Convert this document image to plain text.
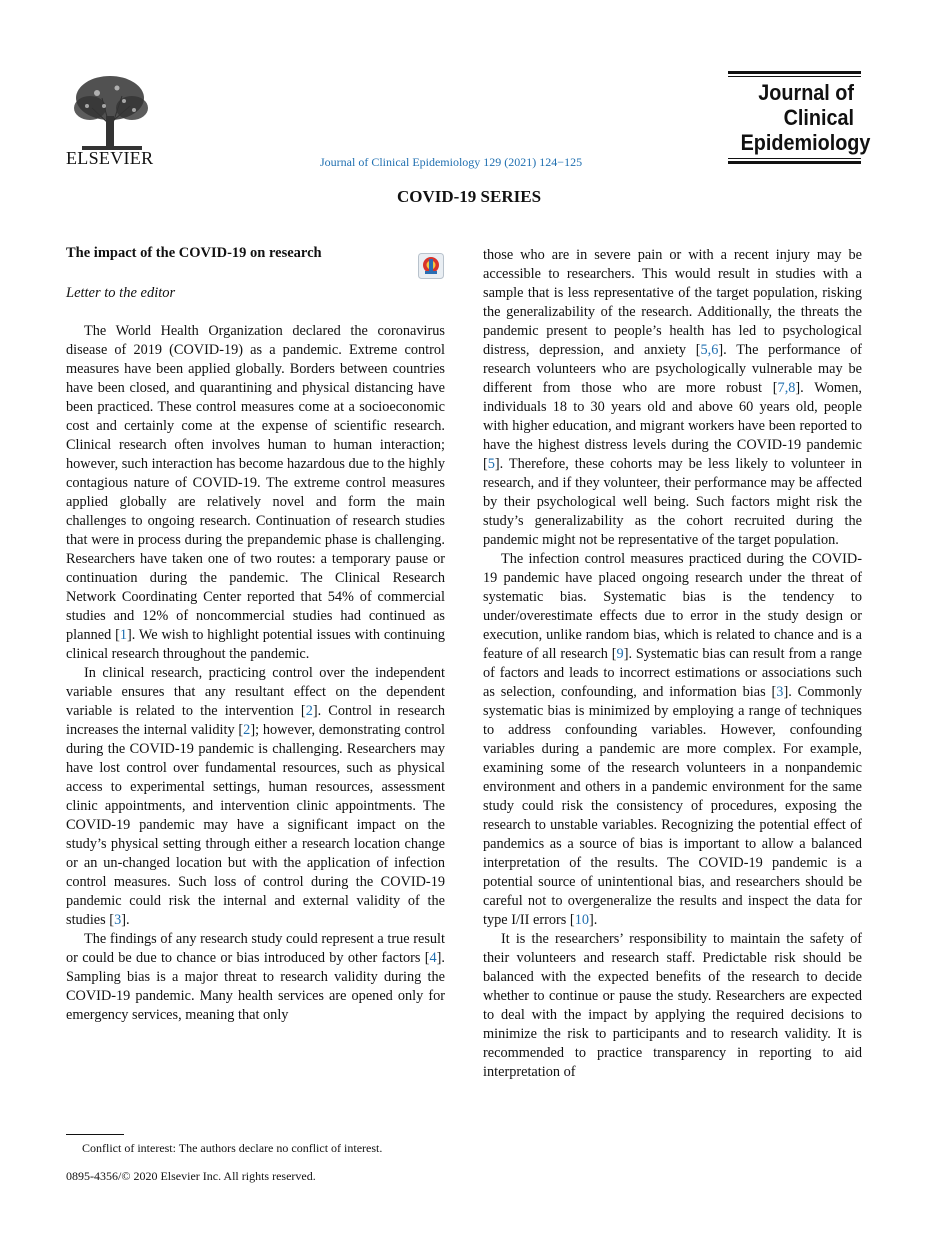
ELSEVIER	Journal of Clinical Epidemiology 129 (2021) 124−125
Journal of
Clinical
Epidemiology
COVID-19 SERIES
The impact of the COVID-19 on research
Letter to the editor

The World Health Organization declared the coronavirus disease of 2019 (COVID-19) as a pandemic. Extreme control measures have been applied globally. Borders between countries have been closed, and quarantining and physical distancing have been practiced. These control measures come at a socioeconomic cost and certainly come at the expense of scientific research. Clinical research often involves human to human interaction; however, such interaction has become hazardous due to the highly contagious nature of COVID-19. The extreme control measures applied globally are relatively novel and form the main challenges to ongoing research. Continuation of research studies that were in process during the prepandemic phase is challenging. Researchers have taken one of two routes: a temporary pause or continuation during the pandemic. The Clinical Research Network Coordinating Center reported that 54% of commercial studies and 12% of noncommercial studies had continued as planned [1]. We wish to highlight potential issues with continuing clinical research throughout the pandemic.

In clinical research, practicing control over the independent variable ensures that any resultant effect on the dependent variable is related to the intervention [2]. Control in research increases the internal validity [2]; however, demonstrating control during the COVID-19 pandemic is challenging. Researchers may have lost control over fundamental resources, such as physical access to experimental settings, human resources, assessment clinic appointments, and intervention clinic appointments. The COVID-19 pandemic may have a significant impact on the study’s physical setting through either a research location change or an un-changed location but with the application of infection control measures. Such loss of control during the COVID-19 pandemic could risk the internal and external validity of the studies [3].

The findings of any research study could represent a true result or could be due to chance or bias introduced by other factors [4]. Sampling bias is a major threat to research validity during the COVID-19 pandemic. Many health services are opened only for emergency services, meaning that only

those who are in severe pain or with a recent injury may be accessible to researchers. This would result in studies with a sample that is less representative of the target population, risking the generalizability of the research. Additionally, the threats the pandemic present to people’s health has led to psychological distress, depression, and anxiety [5,6]. The performance of research volunteers who are psychologically vulnerable may be different from those who are more robust [7,8]. Women, individuals 18 to 30 years old and above 60 years old, people with higher education, and migrant workers have been reported to have the highest distress levels during the COVID-19 pandemic [5]. Therefore, these cohorts may be less likely to volunteer in research, and if they volunteer, their performance may be affected by their psychological well being. Such factors might risk the study’s generalizability as the cohort recruited during the pandemic might not be representative of the target population.

The infection control measures practiced during the COVID-19 pandemic have placed ongoing research under the threat of systematic bias. Systematic bias is the tendency to under/overestimate effects due to error in the study design or execution, unlike random bias, which is related to chance and is a feature of all research [9]. Systematic bias can result from a range of factors and leads to incorrect estimations or associations such as selection, confounding, and information bias [3]. Commonly systematic bias is minimized by employing a range of techniques to address confounding variables. However, confounding variables during a pandemic are more complex. For example, examining some of the research volunteers in a nonpandemic environment and others in a pandemic environment for the same study could risk the consistency of procedures, exposing the research to unstable variables. Recognizing the potential effect of pandemics as a source of bias is important to allow a balanced interpretation of the results. The COVID-19 pandemic is a potential source of unintentional bias, and researchers should be careful not to overgeneralize the results and inspect the data for type I/II errors [10].

It is the researchers’ responsibility to maintain the safety of their volunteers and research staff. Predictable risk should be balanced with the expected benefits of the research to decide whether to continue or pause the study. Researchers are expected to deal with the impact by applying the required decisions to minimize the risk to participants and to research validity. It is recommended to practice transparency in reporting to aid interpretation of

Conflict of interest: The authors declare no conflict of interest.
0895-4356/© 2020 Elsevier Inc. All rights reserved.
